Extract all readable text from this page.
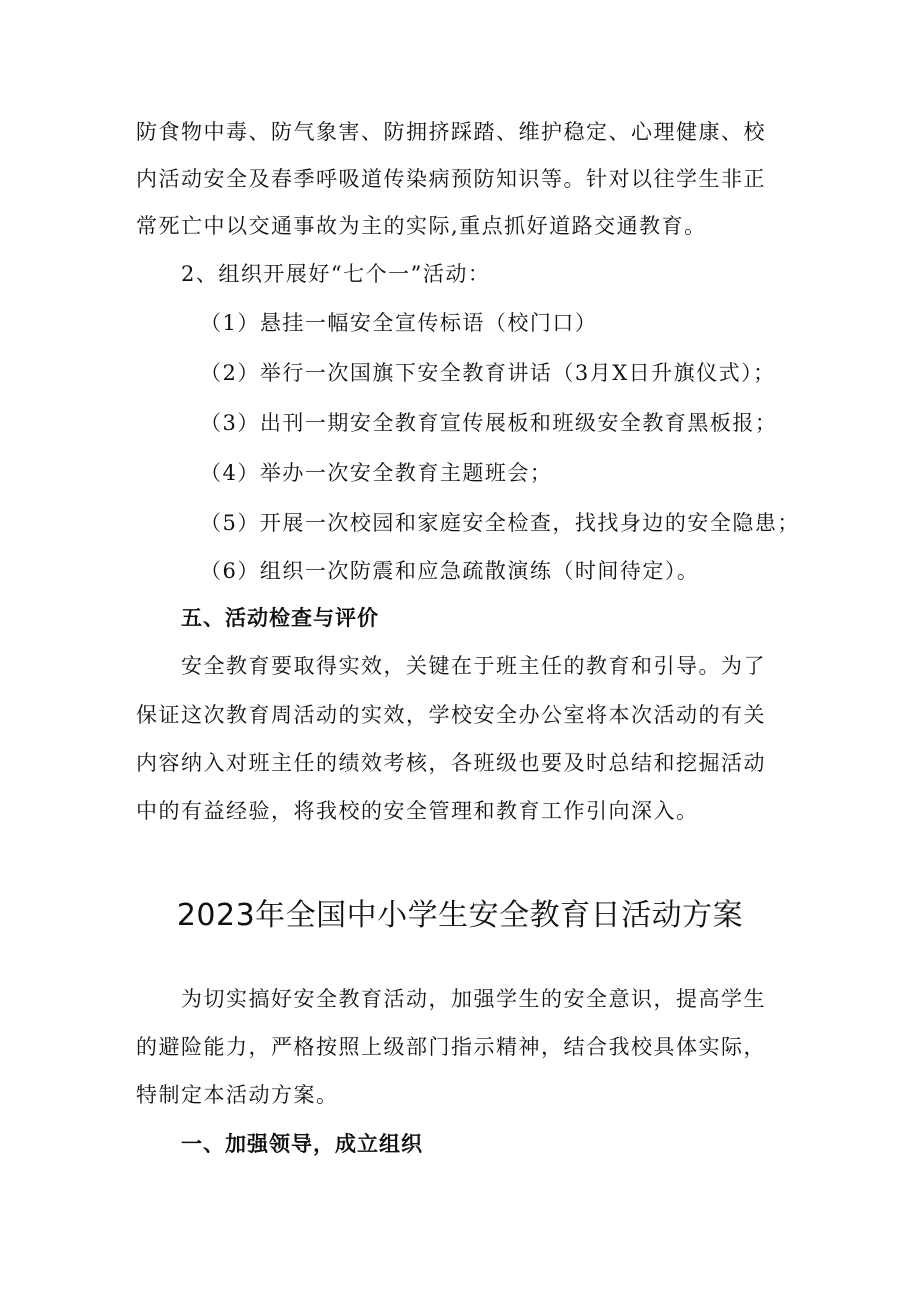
防食物中毒、防气象害、防拥挤踩踏、维护稳定、心理健康、校
内活动安全及春季呼吸道传染病预防知识等。针对以往学生非正
常死亡中以交通事故为主的实际,重点抓好道路交通教育。
2、组织开展好“七个一”活动：
（1）悬挂一幅安全宣传标语（校门口）
（2）举行一次国旗下安全教育讲话（3月X日升旗仪式）；
（3）出刊一期安全教育宣传展板和班级安全教育黑板报；
（4）举办一次安全教育主题班会；
（5）开展一次校园和家庭安全检查，找找身边的安全隐患；
（6）组织一次防震和应急疏散演练（时间待定）。
五、活动检查与评价
安全教育要取得实效，关键在于班主任的教育和引导。为了
保证这次教育周活动的实效，学校安全办公室将本次活动的有关
内容纳入对班主任的绩效考核，各班级也要及时总结和挖掘活动
中的有益经验，将我校的安全管理和教育工作引向深入。
2023年全国中小学生安全教育日活动方案
为切实搞好安全教育活动，加强学生的安全意识，提高学生
的避险能力，严格按照上级部门指示精神，结合我校具体实际，
特制定本活动方案。
一、加强领导，成立组织
